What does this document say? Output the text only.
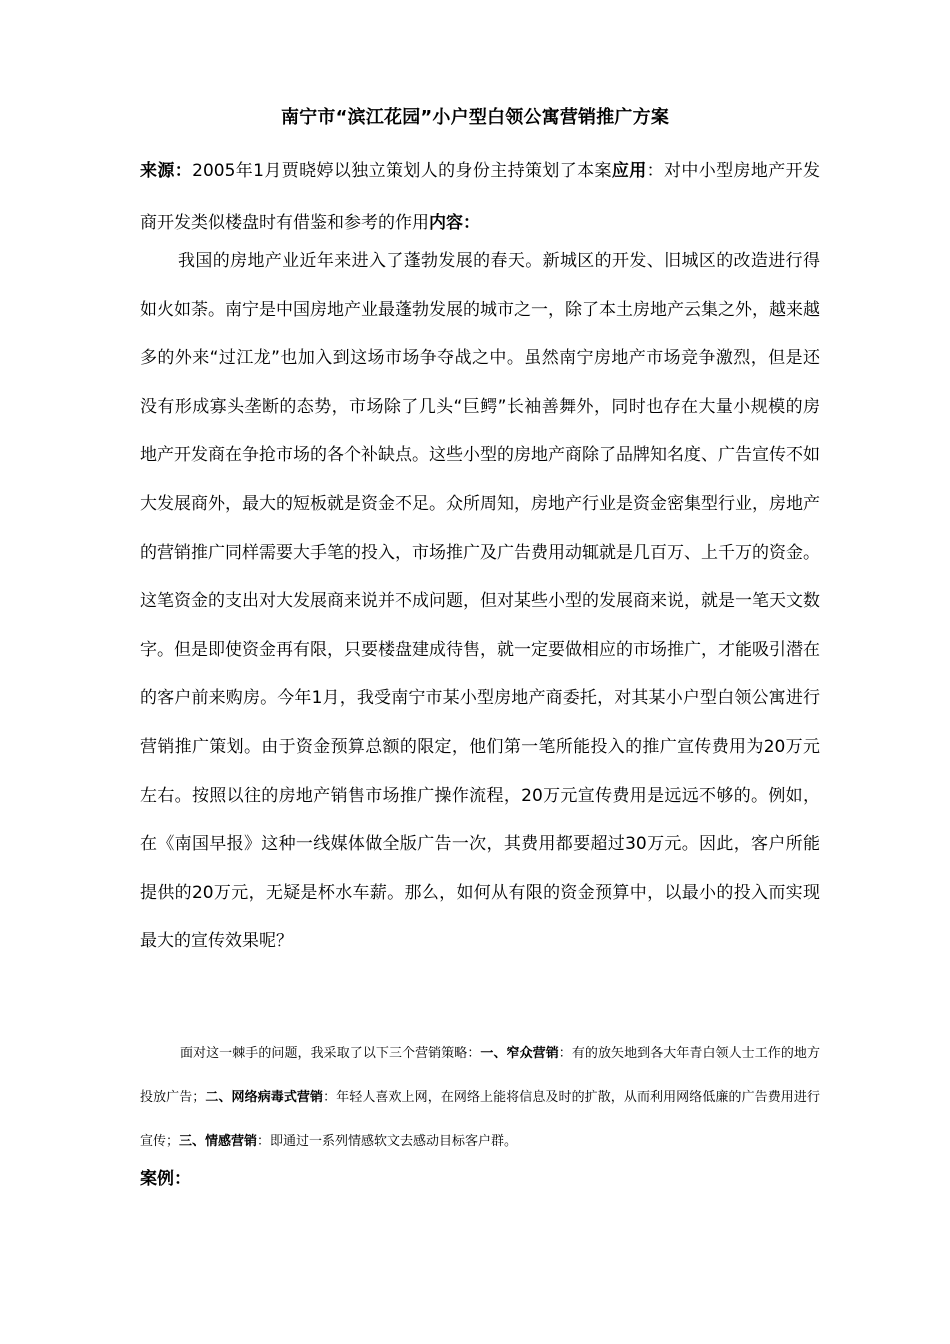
南宁市“滨江花园”小户型白领公寓营销推广方案
来源：2005年1月贾晓婷以独立策划人的身份主持策划了本案应用：对中小型房地产开发商开发类似楼盘时有借鉴和参考的作用内容：
我国的房地产业近年来进入了蓬勃发展的春天。新城区的开发、旧城区的改造进行得如火如荼。南宁是中国房地产业最蓬勃发展的城市之一，除了本土房地产云集之外，越来越多的外来“过江龙”也加入到这场市场争夺战之中。虽然南宁房地产市场竞争激烈，但是还没有形成寡头垄断的态势，市场除了几头“巨鳄”长袖善舞外，同时也存在大量小规模的房地产开发商在争抢市场的各个补缺点。这些小型的房地产商除了品牌知名度、广告宣传不如大发展商外，最大的短板就是资金不足。众所周知，房地产行业是资金密集型行业，房地产的营销推广同样需要大手笔的投入，市场推广及广告费用动辄就是几百万、上千万的资金。这笔资金的支出对大发展商来说并不成问题，但对某些小型的发展商来说，就是一笔天文数字。但是即使资金再有限，只要楼盘建成待售，就一定要做相应的市场推广，才能吸引潜在的客户前来购房。今年1月，我受南宁市某小型房地产商委托，对其某小户型白领公寓进行营销推广策划。由于资金预算总额的限定，他们第一笔所能投入的推广宣传费用为20万元左右。按照以往的房地产销售市场推广操作流程，20万元宣传费用是远远不够的。例如，在《南国早报》这种一线媒体做全版广告一次，其费用都要超过30万元。因此，客户所能提供的20万元，无疑是杯水车薪。那么，如何从有限的资金预算中，以最小的投入而实现最大的宣传效果呢？
面对这一棘手的问题，我采取了以下三个营销策略：一、窄众营销：有的放矢地到各大年青白领人士工作的地方投放广告；二、网络病毒式营销：年轻人喜欢上网，在网络上能将信息及时的扩散，从而利用网络低廉的广告费用进行宣传；三、情感营销：即通过一系列情感软文去感动目标客户群。
案例：
